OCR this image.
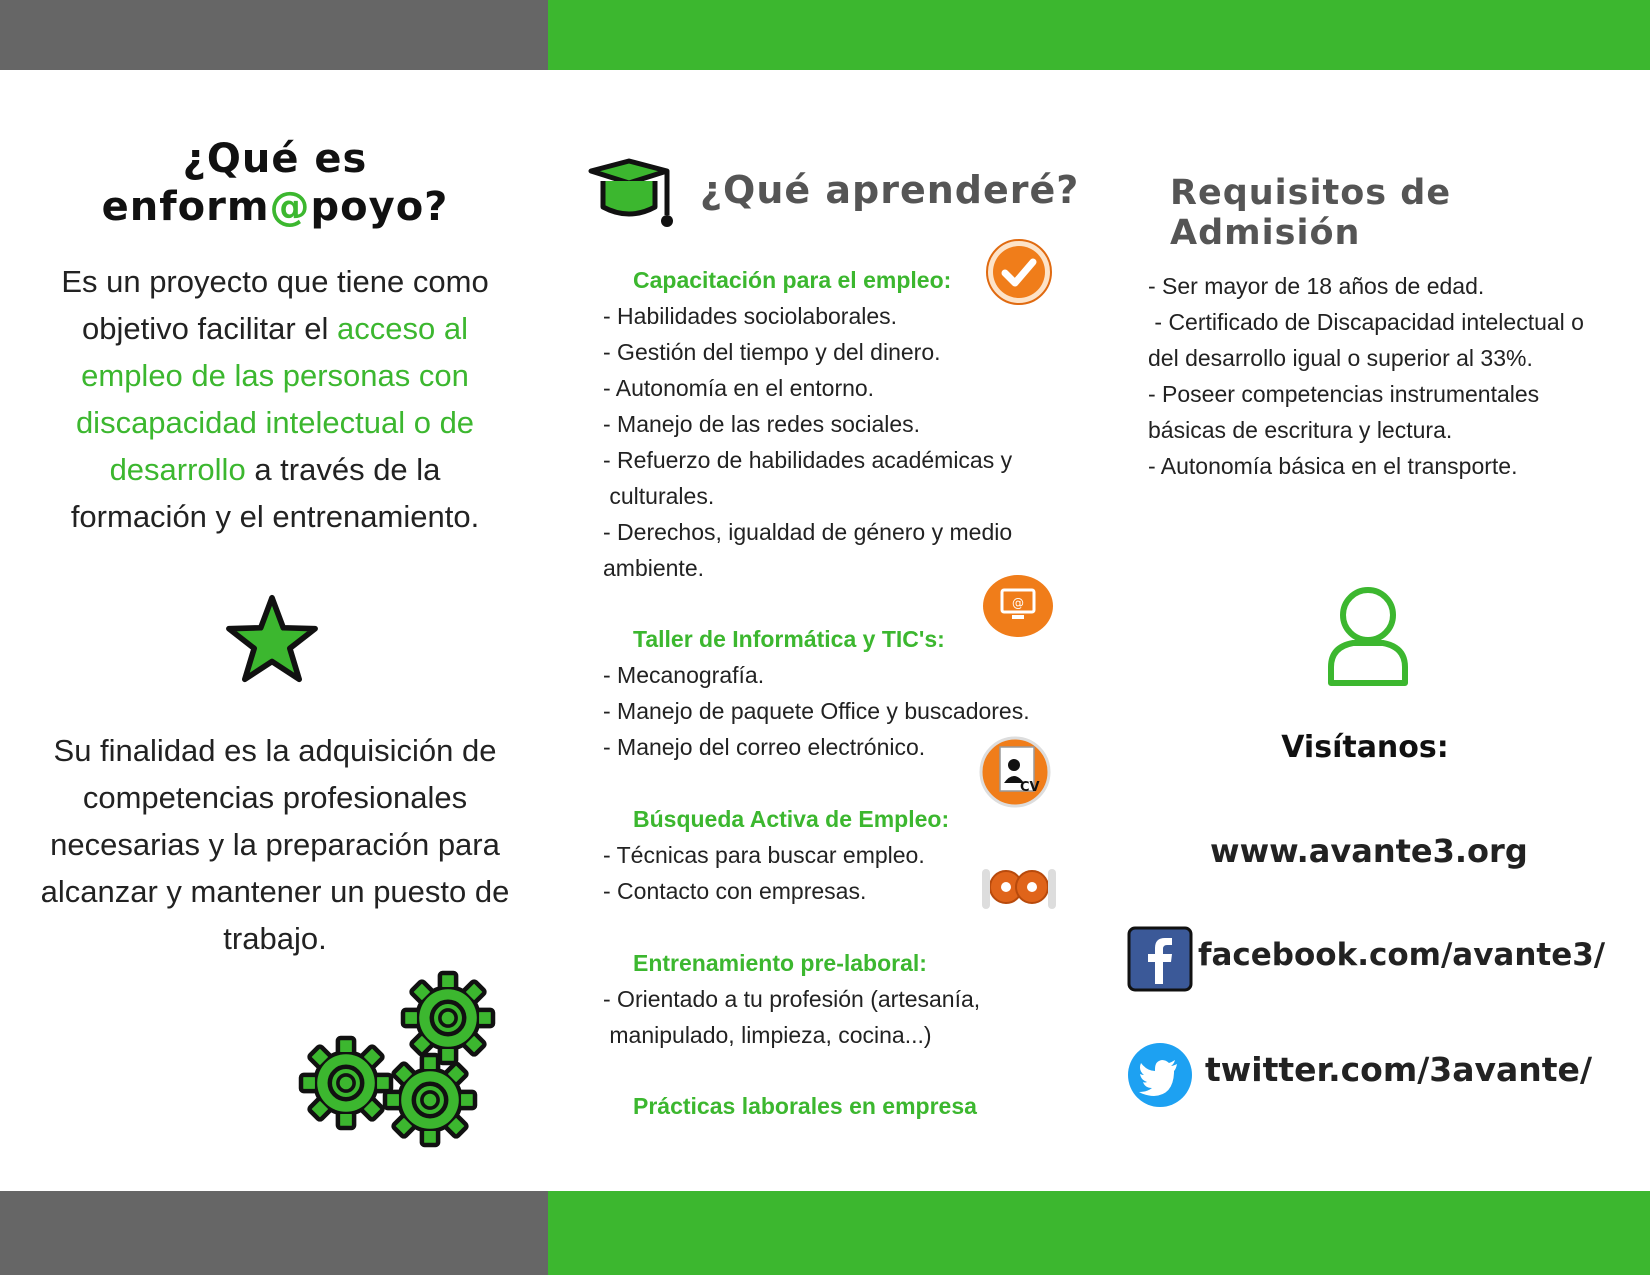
¿Qué es
enform@poyo?

Es un proyecto que tiene como objetivo facilitar el acceso al empleo de las personas con discapacidad intelectual o de desarrollo a través de la formación y el entrenamiento.

Su finalidad es la adquisición de competencias profesionales necesarias y la preparación para alcanzar y mantener un puesto de trabajo.

¿Qué aprenderé?
Capacitación para el empleo:
- Habilidades sociolaborales.
- Gestión del tiempo y del dinero.
- Autonomía en el entorno.
- Manejo de las redes sociales.
- Refuerzo de habilidades académicas y
culturales.
- Derechos, igualdad de género y medio
ambiente.
Taller de Informática y TIC's:
- Mecanografía.
- Manejo de paquete Office y buscadores.
- Manejo del correo electrónico.
Búsqueda Activa de Empleo:
- Técnicas para buscar empleo.
- Contacto con empresas.
Entrenamiento pre-laboral:
- Orientado a tu profesión (artesanía,
manipulado, limpieza, cocina...)
Prácticas laborales en empresa
@
CV
Requisitos de Admisión
- Ser mayor de 18 años de edad.
- Certificado de Discapacidad intelectual o del desarrollo igual o superior al 33%.
- Poseer competencias instrumentales básicas de escritura y lectura.
- Autonomía básica en el transporte.
Visítanos:
www.avante3.org
facebook.com/avante3/
twitter.com/3avante/
